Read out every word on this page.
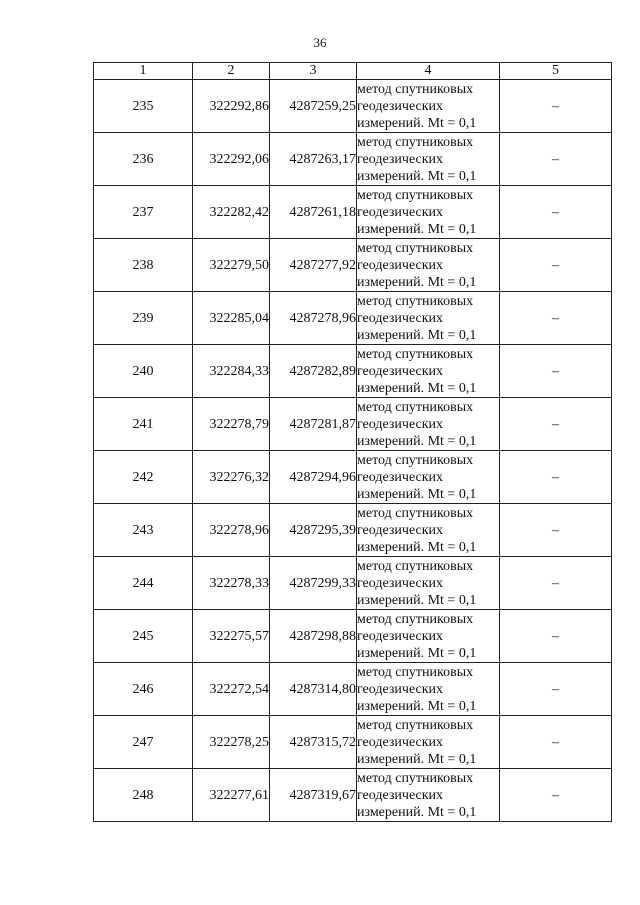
36
1	2	3	4	5
235	322292,86	4287259,25	метод спутниковых геодезических измерений. Mt = 0,1	–
236	322292,06	4287263,17	метод спутниковых геодезических измерений. Mt = 0,1	–
237	322282,42	4287261,18	метод спутниковых геодезических измерений. Mt = 0,1	–
238	322279,50	4287277,92	метод спутниковых геодезических измерений. Mt = 0,1	–
239	322285,04	4287278,96	метод спутниковых геодезических измерений. Mt = 0,1	–
240	322284,33	4287282,89	метод спутниковых геодезических измерений. Mt = 0,1	–
241	322278,79	4287281,87	метод спутниковых геодезических измерений. Mt = 0,1	–
242	322276,32	4287294,96	метод спутниковых геодезических измерений. Mt = 0,1	–
243	322278,96	4287295,39	метод спутниковых геодезических измерений. Mt = 0,1	–
244	322278,33	4287299,33	метод спутниковых геодезических измерений. Mt = 0,1	–
245	322275,57	4287298,88	метод спутниковых геодезических измерений. Mt = 0,1	–
246	322272,54	4287314,80	метод спутниковых геодезических измерений. Mt = 0,1	–
247	322278,25	4287315,72	метод спутниковых геодезических измерений. Mt = 0,1	–
248	322277,61	4287319,67	метод спутниковых геодезических измерений. Mt = 0,1	–
